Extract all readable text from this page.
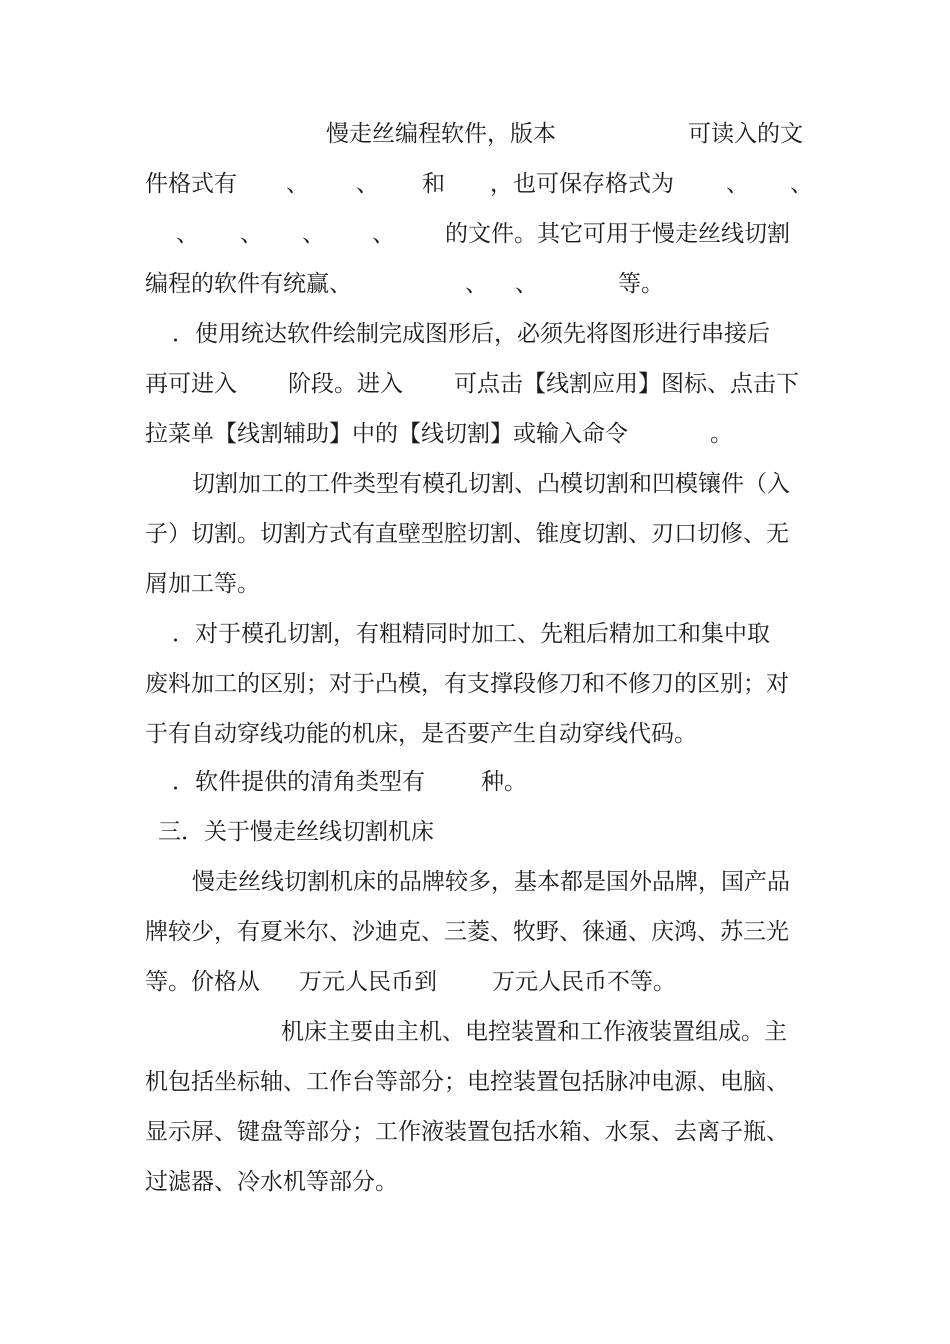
慢走丝编程软件，版本	可读入的文
件格式有 、 、 和 ，也可保存格式为 、 、
、 、 、 、 的文件。其它可用于慢走丝线切割
编程的软件有统赢、	、 、	等。
．使用统达软件绘制完成图形后，必须先将图形进行串接后
再可进入 阶段。进入 可点击【线割应用】图标、点击下
拉菜单【线割辅助】中的【线切割】或输入命令	。
切割加工的工件类型有模孔切割、凸模切割和凹模镶件（入
子）切割。切割方式有直壁型腔切割、锥度切割、刃口切修、无
屑加工等。
．对于模孔切割，有粗精同时加工、先粗后精加工和集中取
废料加工的区别；对于凸模，有支撑段修刀和不修刀的区别；对
于有自动穿线功能的机床，是否要产生自动穿线代码。
．软件提供的清角类型有 种。
三．关于慢走丝线切割机床
慢走丝线切割机床的品牌较多，基本都是国外品牌，国产品
牌较少，有夏米尔、沙迪克、三菱、牧野、徕通、庆鸿、苏三光
等。价格从 万元人民币到 万元人民币不等。
机床主要由主机、电控装置和工作液装置组成。主
机包括坐标轴、工作台等部分；电控装置包括脉冲电源、电脑、
显示屏、键盘等部分；工作液装置包括水箱、水泵、去离子瓶、
过滤器、冷水机等部分。
